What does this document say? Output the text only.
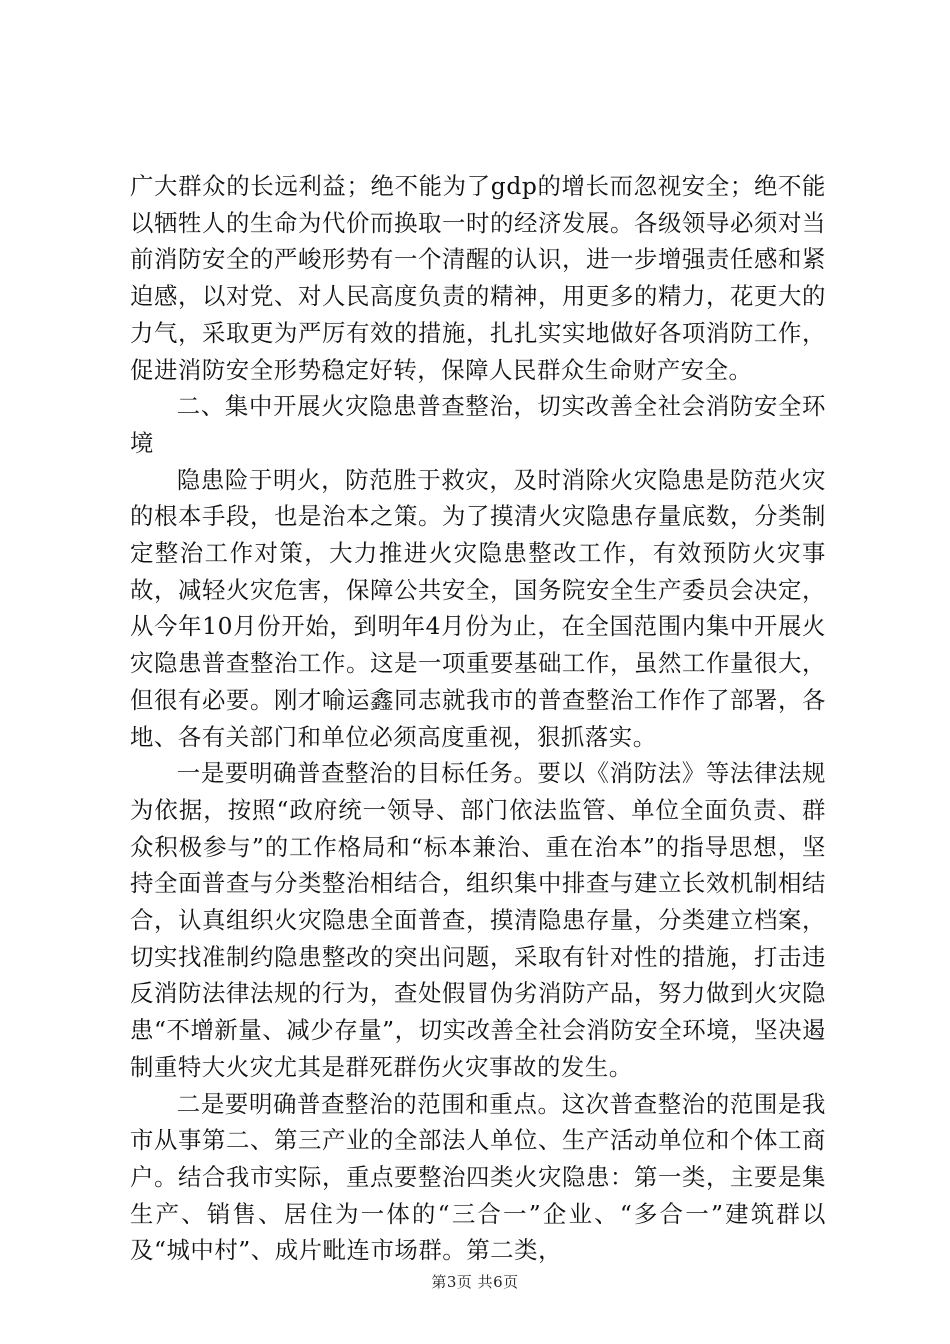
广大群众的长远利益；绝不能为了gdp的增长而忽视安全；绝不能以牺牲人的生命为代价而换取一时的经济发展。各级领导必须对当前消防安全的严峻形势有一个清醒的认识，进一步增强责任感和紧迫感，以对党、对人民高度负责的精神，用更多的精力，花更大的力气，采取更为严厉有效的措施，扎扎实实地做好各项消防工作，促进消防安全形势稳定好转，保障人民群众生命财产安全。

二、集中开展火灾隐患普查整治，切实改善全社会消防安全环境

隐患险于明火，防范胜于救灾，及时消除火灾隐患是防范火灾的根本手段，也是治本之策。为了摸清火灾隐患存量底数，分类制定整治工作对策，大力推进火灾隐患整改工作，有效预防火灾事故，减轻火灾危害，保障公共安全，国务院安全生产委员会决定，从今年10月份开始，到明年4月份为止，在全国范围内集中开展火灾隐患普查整治工作。这是一项重要基础工作，虽然工作量很大，但很有必要。刚才喻运鑫同志就我市的普查整治工作作了部署，各地、各有关部门和单位必须高度重视，狠抓落实。

一是要明确普查整治的目标任务。要以《消防法》等法律法规为依据，按照“政府统一领导、部门依法监管、单位全面负责、群众积极参与”的工作格局和“标本兼治、重在治本”的指导思想，坚持全面普查与分类整治相结合，组织集中排查与建立长效机制相结合，认真组织火灾隐患全面普查，摸清隐患存量，分类建立档案，切实找准制约隐患整改的突出问题，采取有针对性的措施，打击违反消防法律法规的行为，查处假冒伪劣消防产品，努力做到火灾隐患“不增新量、减少存量”，切实改善全社会消防安全环境，坚决遏制重特大火灾尤其是群死群伤火灾事故的发生。

二是要明确普查整治的范围和重点。这次普查整治的范围是我市从事第二、第三产业的全部法人单位、生产活动单位和个体工商户。结合我市实际，重点要整治四类火灾隐患：第一类，主要是集生产、销售、居住为一体的“三合一”企业、“多合一”建筑群以及“城中村”、成片毗连市场群。第二类，

第3页 共6页
